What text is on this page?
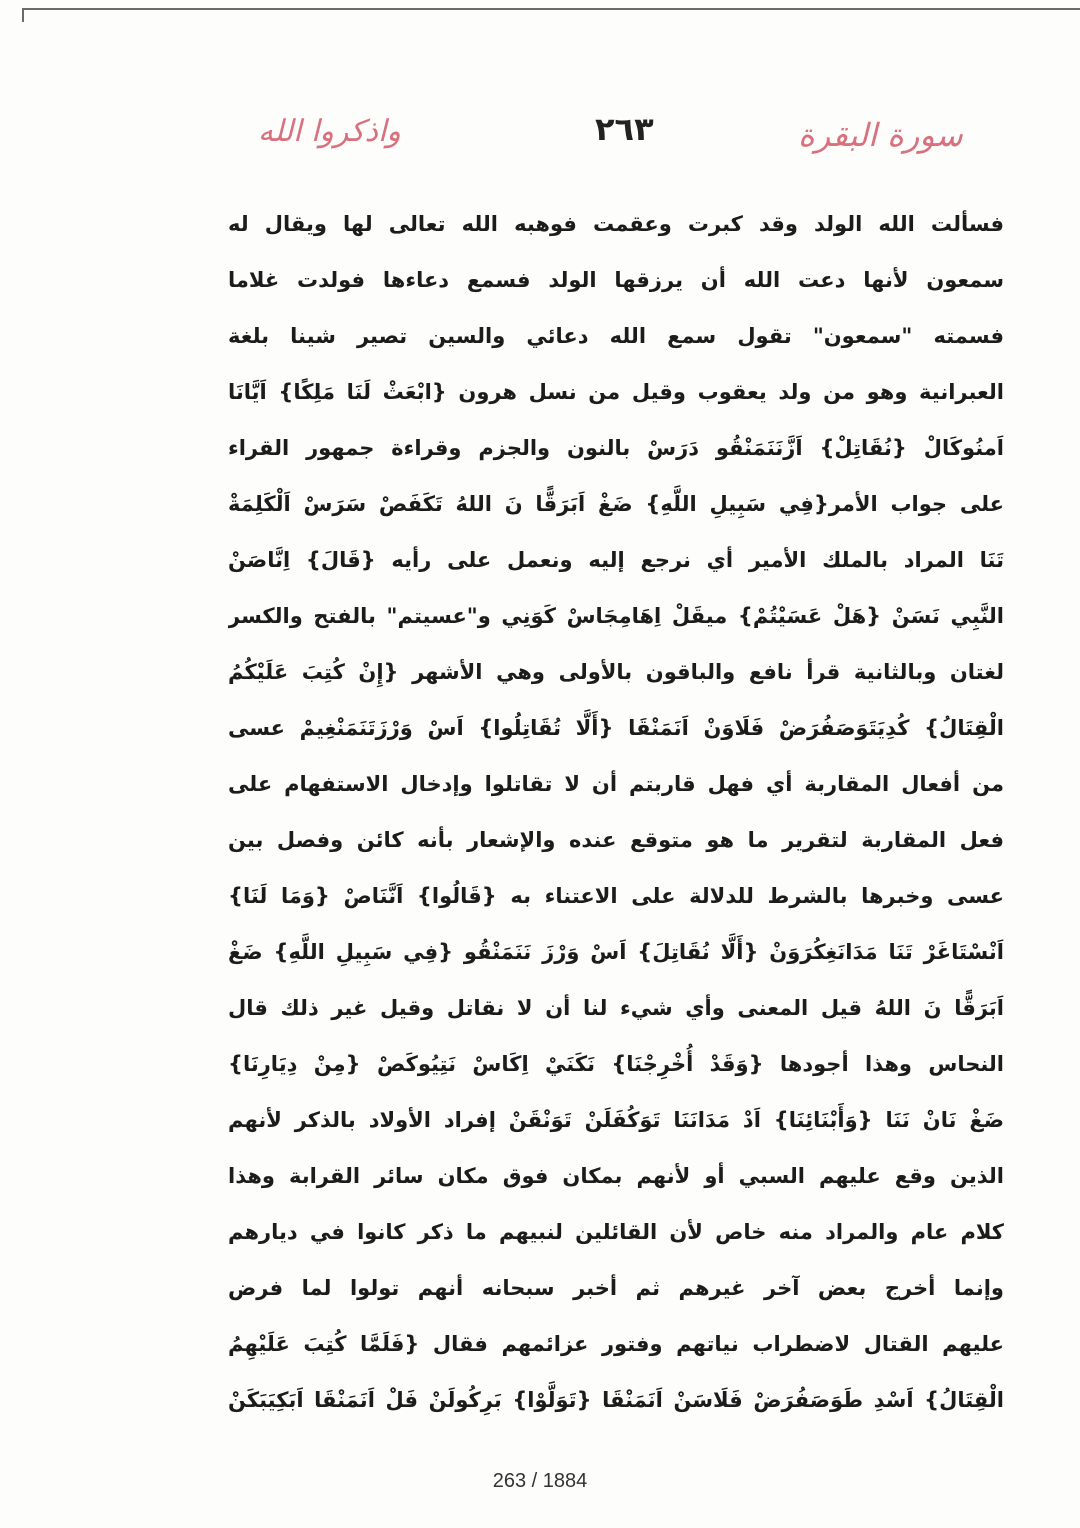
واذكروا الله	٢٦٣	سورة البقرة
فسألت الله الولد وقد كبرت وعقمت فوهبه الله تعالى لها ويقال له
سمعون لأنها دعت الله أن يرزقها الولد فسمع دعاءها فولدت غلاما
فسمته "سمعون" تقول سمع الله دعائي والسين تصير شينا بلغة
العبرانية وهو من ولد يعقوب وقيل من نسل هرون {ابْعَثْ لَنَا مَلِكًا} اَيَّانَا
اَمنُوكَالْ {نُقَاتِلْ} اَزَّنَنَمَنْقُو دَرَسْ بالنون والجزم وقراءة جمهور القراء
على جواب الأمر{فِي سَبِيلِ اللَّهِ} ضَغْ اَبَرَقًّا نَ اللهُ تَكَفَصْ سَرَسْ اَلْكَلِمَةْ
تَنَا المراد بالملك الأمير أي نرجع إليه ونعمل على رأيه {قَالَ} اِنَّاصَنْ
النَّبِي نَسَنْ {هَلْ عَسَيْتُمْ} ميقَلْ اِهَامِجَاسْ كَوَنِي و"عسيتم" بالفتح والكسر
لغتان وبالثانية قرأ نافع والباقون بالأولى وهي الأشهر {إِنْ كُتِبَ عَلَيْكُمُ
الْقِتَالُ} كُدِيَتَوَصَفُرَضْ فَلَاوَنْ اَنَمَنْقَا {أَلَّا تُقَاتِلُوا} اَسْ وَرْزَتَنَمَنْغِيمْ عسى
من أفعال المقاربة أي فهل قاربتم أن لا تقاتلوا وإدخال الاستفهام على
فعل المقاربة لتقرير ما هو متوقع عنده والإشعار بأنه كائن وفصل بين
عسى وخبرها بالشرط للدلالة على الاعتناء به {قَالُوا} اَنَّنَاصْ {وَمَا لَنَا}
اَنْسْتَاغَرْ تَنَا مَدَانَغِكُرَوَنْ {أَلَّا نُقَاتِلَ} اَسْ وَرْزَ نَنَمَنْقُو {فِي سَبِيلِ اللَّهِ} ضَغْ
اَبَرَقًّا نَ اللهُ قيل المعنى وأي شيء لنا أن لا نقاتل وقيل غير ذلك قال
النحاس وهذا أجودها {وَقَدْ أُخْرِجْنَا} نَكَنَيْ اِكَاسْ نَتِيُوكَصْ {مِنْ دِيَارِنَا}
ضَغْ نَانْ نَنَا {وَأَبْنَائِنَا} اَدْ مَدَانَنَا تَوَكُفَلَنْ تَوَنْقَنْ إفراد الأولاد بالذكر لأنهم
الذين وقع عليهم السبي أو لأنهم بمكان فوق مكان سائر القرابة وهذا
كلام عام والمراد منه خاص لأن القائلين لنبيهم ما ذكر كانوا في ديارهم
وإنما أخرج بعض آخر غيرهم ثم أخبر سبحانه أنهم تولوا لما فرض
عليهم القتال لاضطراب نياتهم وفتور عزائمهم فقال {فَلَمَّا كُتِبَ عَلَيْهِمُ
الْقِتَالُ} اَسْدِ طَوَصَفُرَضْ فَلَاسَنْ اَنَمَنْقَا {تَوَلَّوْا} بَرِكُولَنْ فَلْ اَنَمَنْقَا اَبَكِيَبَكَنْ
263 / 1884
